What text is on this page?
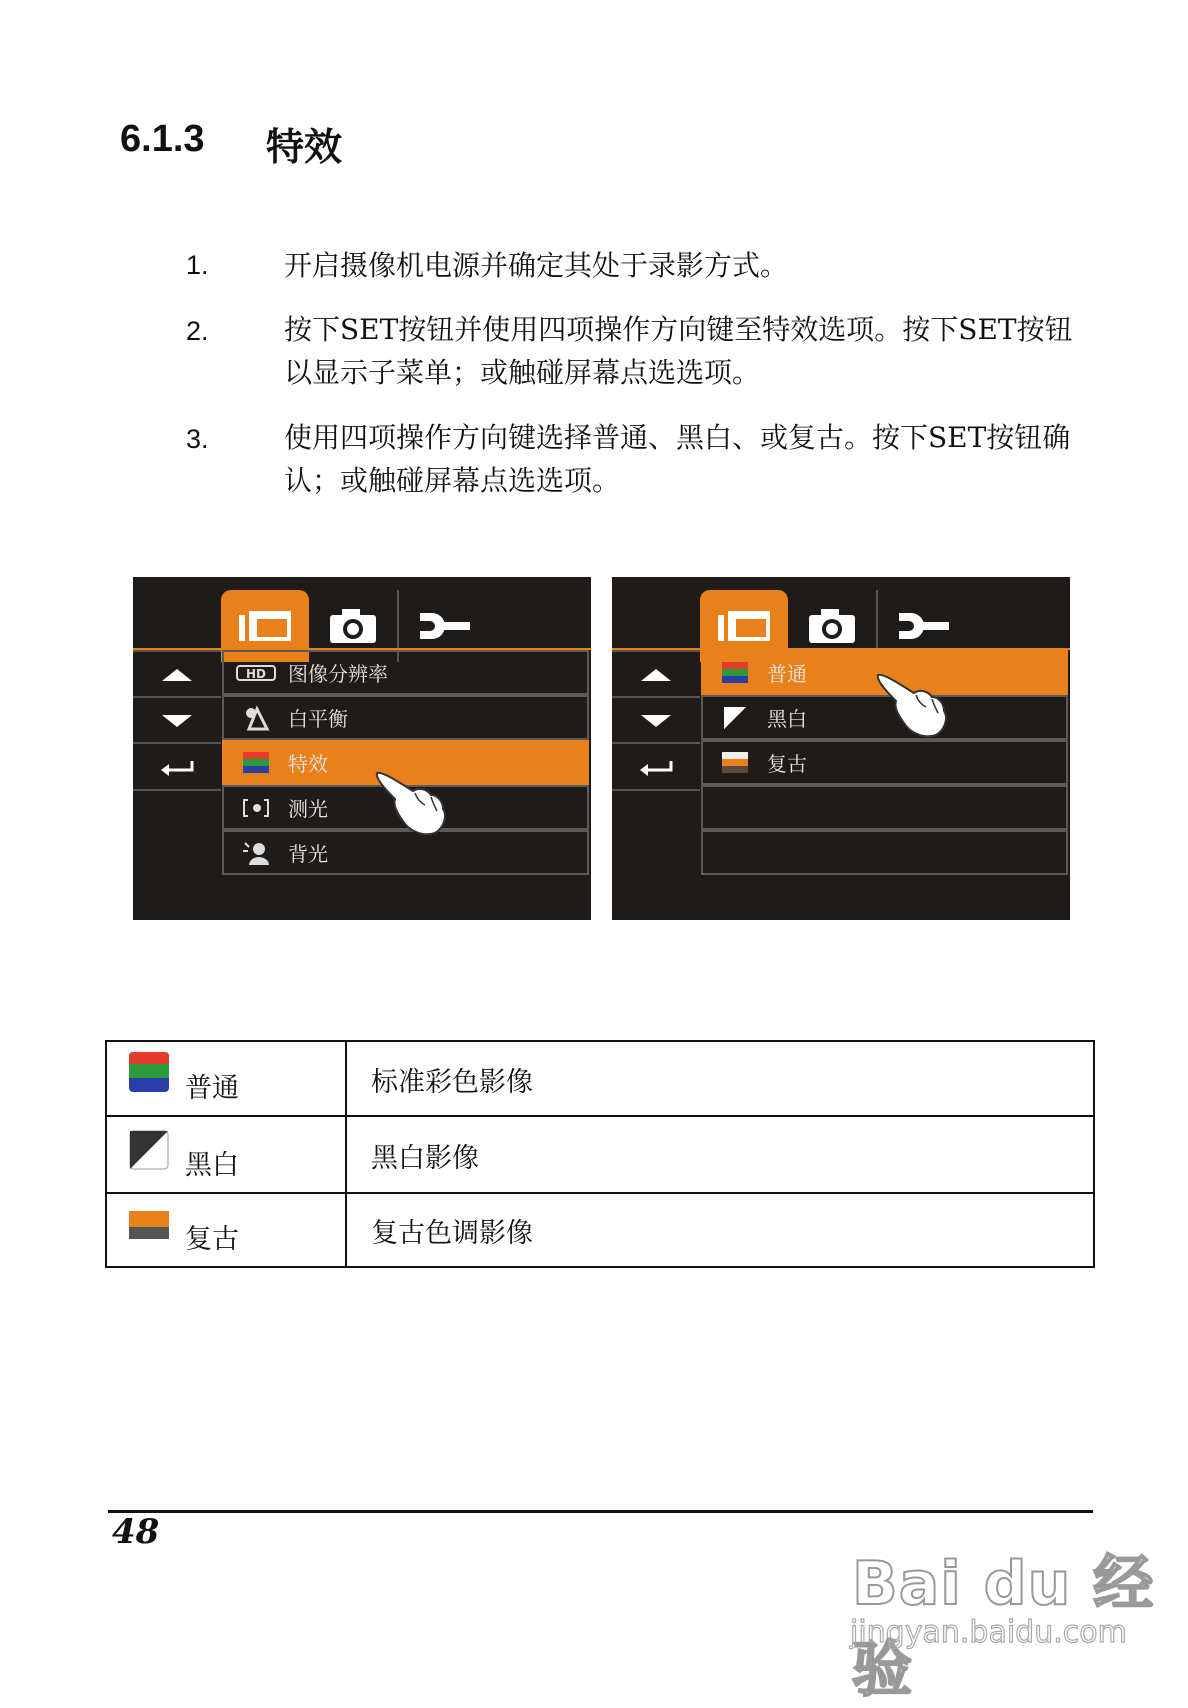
6.1.3 特效
1.	开启摄像机电源并确定其处于录影方式。
2.	按下SET按钮并使用四项操作方向键至特效选项。按下SET按钮以显示子菜单；或触碰屏幕点选选项。
3.	使用四项操作方向键选择普通、黑白、或复古。按下SET按钮确认；或触碰屏幕点选选项。
HD 图像分辨率
白平衡
特效
测光
背光
普通
黑白
复古
普通	标准彩色影像
黑白	黑白影像
复古	复古色调影像
48
Bai du 经验
jingyan.baidu.com
